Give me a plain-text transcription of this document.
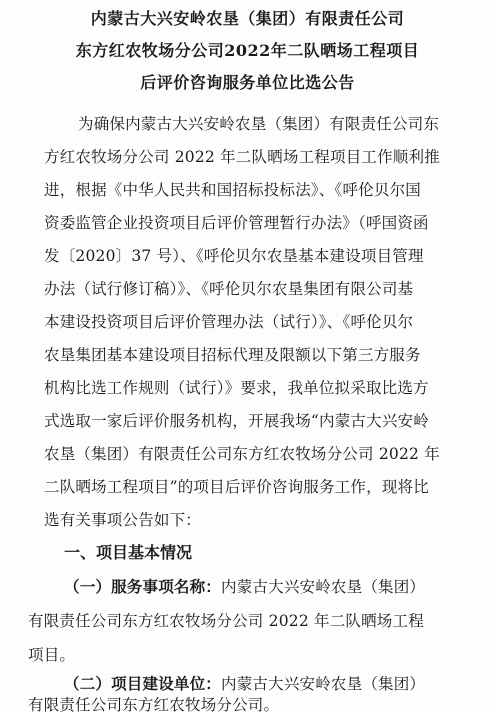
内蒙古大兴安岭农垦（集团）有限责任公司
东方红农牧场分公司2022年二队晒场工程项目
后评价咨询服务单位比选公告
为确保内蒙古大兴安岭农垦（集团）有限责任公司东
方红农牧场分公司 2022 年二队晒场工程项目工作顺利推
进，根据《中华人民共和国招标投标法》、《呼伦贝尔国
资委监管企业投资项目后评价管理暂行办法》（呼国资函
发〔2020〕37 号）、《呼伦贝尔农垦基本建设项目管理
办法（试行修订稿）》、《呼伦贝尔农垦集团有限公司基
本建设投资项目后评价管理办法（试行）》、《呼伦贝尔
农垦集团基本建设项目招标代理及限额以下第三方服务
机构比选工作规则（试行）》要求，我单位拟采取比选方
式选取一家后评价服务机构，开展我场“内蒙古大兴安岭
农垦（集团）有限责任公司东方红农牧场分公司 2022 年
二队晒场工程项目”的项目后评价咨询服务工作，现将比
选有关事项公告如下：
一、项目基本情况
（一）服务事项名称：内蒙古大兴安岭农垦（集团）
有限责任公司东方红农牧场分公司 2022 年二队晒场工程
项目。
（二）项目建设单位：内蒙古大兴安岭农垦（集团）
有限责任公司东方红农牧场分公司。
